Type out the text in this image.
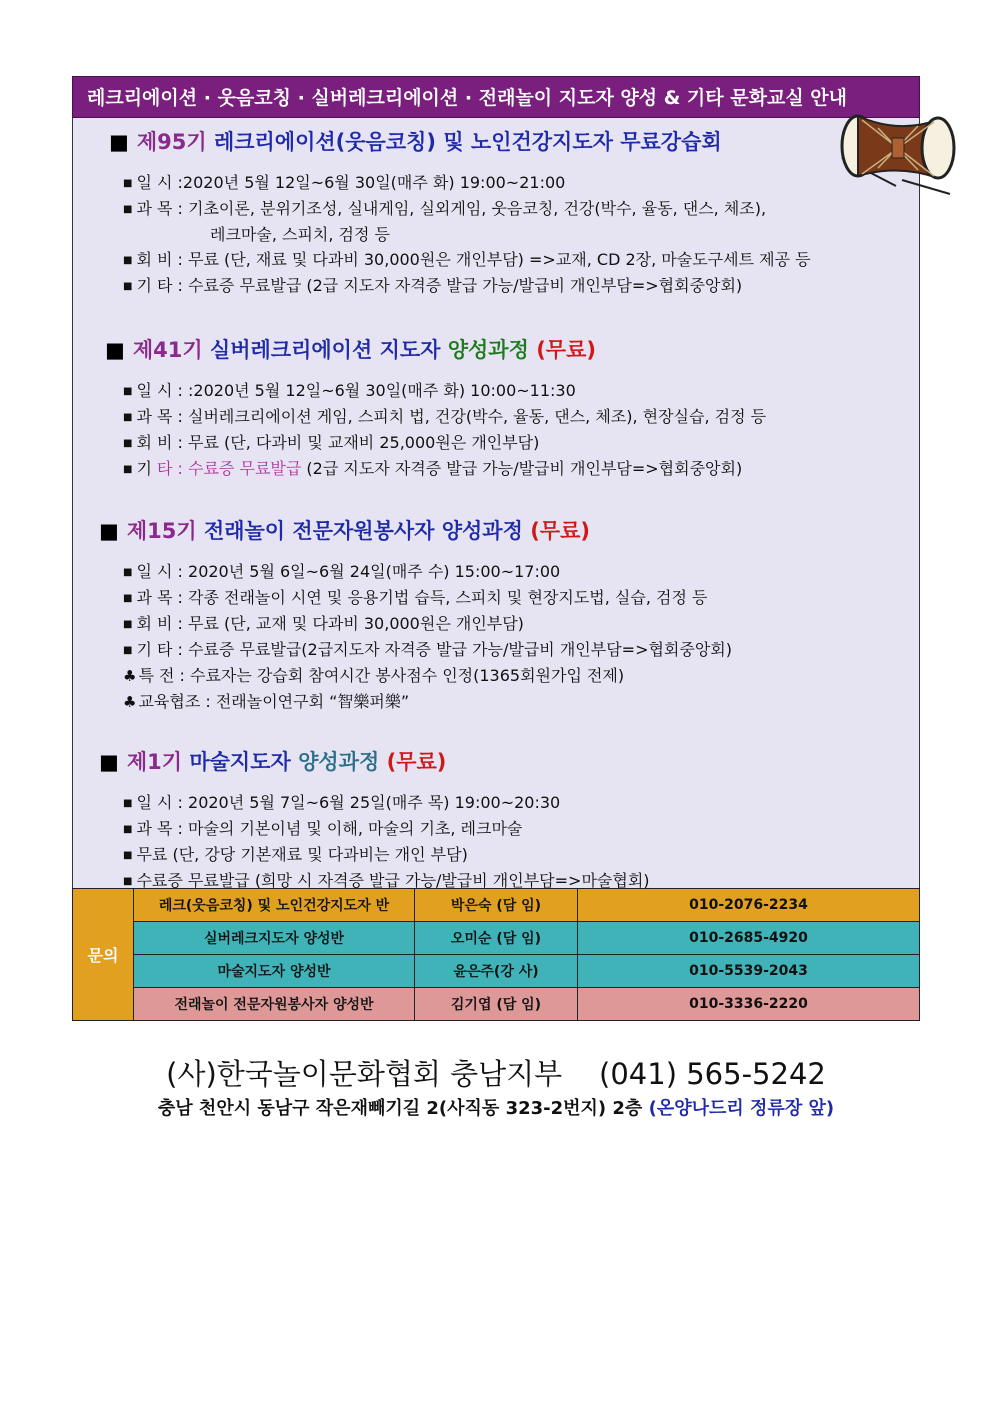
레크리에이션 · 웃음코칭 · 실버레크리에이션 · 전래놀이 지도자 양성 & 기타 문화교실 안내
■ 제95기 레크리에이션(웃음코칭) 및 노인건강지도자 무료강습회
■ 일 시 :2020년 5월 12일~6월 30일(매주 화) 19:00~21:00
■ 과 목 : 기초이론, 분위기조성, 실내게임, 실외게임, 웃음코칭, 건강(박수, 율동, 댄스, 체조),
레크마술, 스피치, 검정 등
■ 회 비 : 무료 (단, 재료 및 다과비 30,000원은 개인부담) =>교재, CD 2장, 마술도구세트 제공 등
■ 기 타 : 수료증 무료발급 (2급 지도자 자격증 발급 가능/발급비 개인부담=>협회중앙회)
■ 제41기 실버레크리에이션 지도자 양성과정 (무료)
■ 일 시 : :2020년 5월 12일~6월 30일(매주 화) 10:00~11:30
■ 과 목 : 실버레크리에이션 게임, 스피치 법, 건강(박수, 율동, 댄스, 체조), 현장실습, 검정 등
■ 회 비 : 무료 (단, 다과비 및 교재비 25,000원은 개인부담)
■ 기 타 : 수료증 무료발급 (2급 지도자 자격증 발급 가능/발급비 개인부담=>협회중앙회)
■ 제15기 전래놀이 전문자원봉사자 양성과정 (무료)
■ 일 시 : 2020년 5월 6일~6월 24일(매주 수) 15:00~17:00
■ 과 목 : 각종 전래놀이 시연 및 응용기법 습득, 스피치 및 현장지도법, 실습, 검정 등
■ 회 비 : 무료 (단, 교재 및 다과비 30,000원은 개인부담)
■ 기 타 : 수료증 무료발급(2급지도자 자격증 발급 가능/발급비 개인부담=>협회중앙회)
♣ 특 전 : 수료자는 강습회 참여시간 봉사점수 인정(1365회원가입 전제)
♣ 교육협조 : 전래놀이연구회 “智樂퍼樂”
■ 제1기 마술지도자 양성과정 (무료)
■ 일 시 : 2020년 5월 7일~6월 25일(매주 목) 19:00~20:30
■ 과 목 : 마술의 기본이념 및 이해, 마술의 기초, 레크마술
■ 무료 (단, 강당 기본재료 및 다과비는 개인 부담)
■ 수료증 무료발급 (희망 시 자격증 발급 가능/발급비 개인부담=>마술협회)
문의	레크(웃음코칭) 및 노인건강지도자 반	박은숙 (담 임)	010-2076-2234
	실버레크지도자 양성반	오미순 (담 임)	010-2685-4920
	마술지도자 양성반	윤은주(강 사)	010-5539-2043
	전래놀이 전문자원봉사자 양성반	김기엽 (담 임)	010-3336-2220
(사)한국놀이문화협회 충남지부 (041) 565-5242
충남 천안시 동남구 작은재빼기길 2(사직동 323-2번지) 2층 (온양나드리 정류장 앞)
